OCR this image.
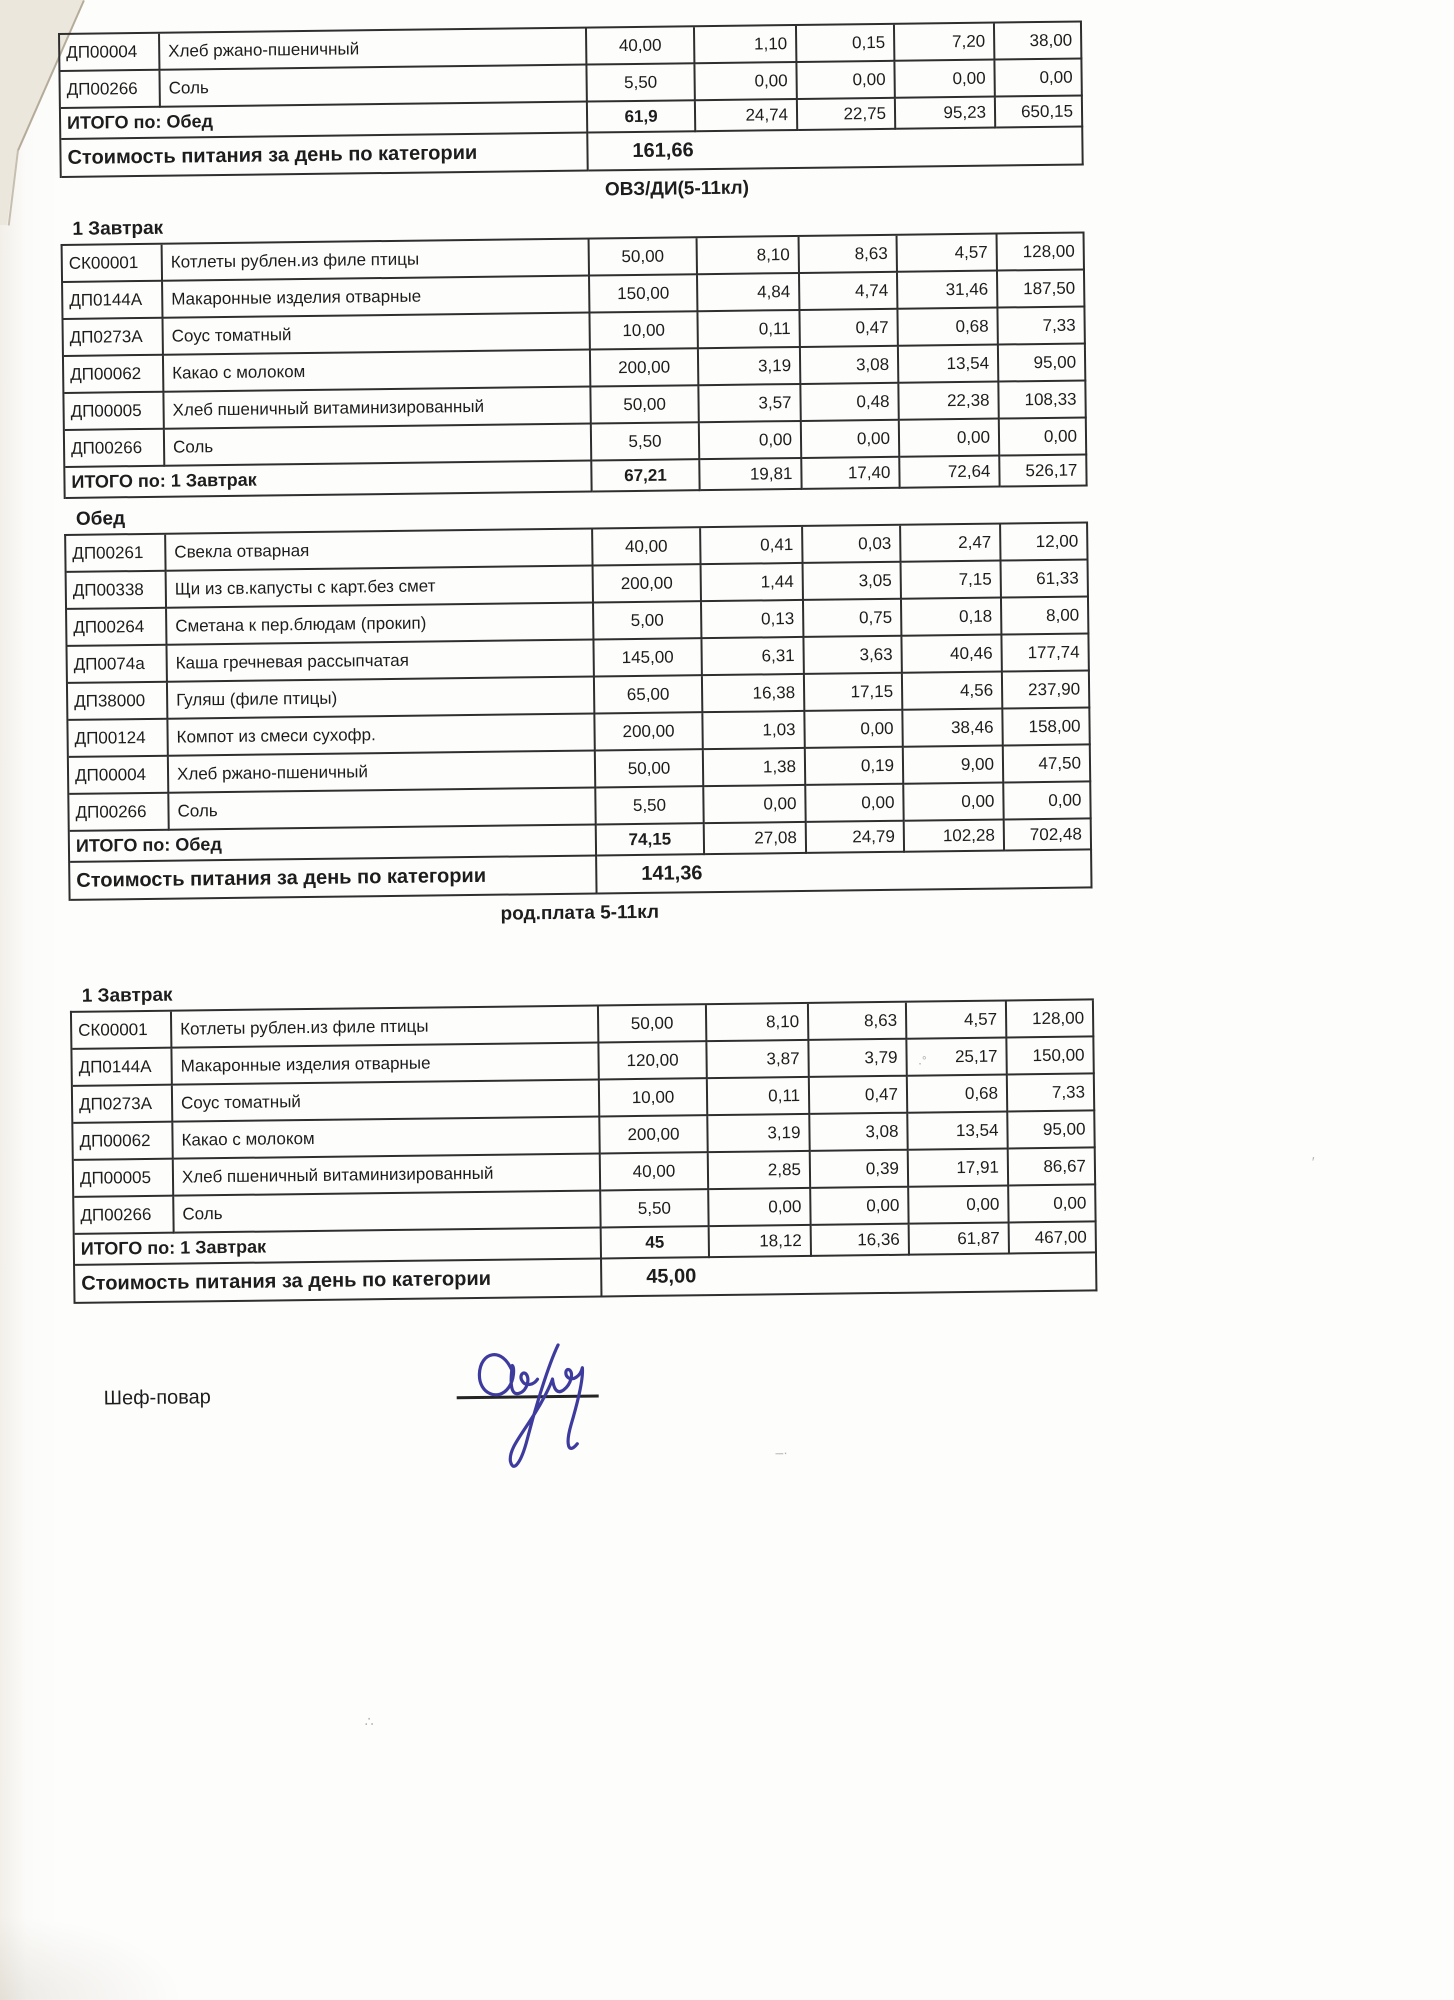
ДП00004	Хлеб ржано-пшеничный	40,00	1,10	0,15	7,20	38,00
ДП00266	Соль	5,50	0,00	0,00	0,00	0,00
ИТОГО по: Обед	61,9	24,74	22,75	95,23	650,15
Стоимость питания за день по категории	161,66
ОВЗ/ДИ(5-11кл)
1 Завтрак
СК00001	Котлеты рублен.из филе птицы	50,00	8,10	8,63	4,57	128,00
ДП0144А	Макаронные изделия отварные	150,00	4,84	4,74	31,46	187,50
ДП0273А	Соус томатный	10,00	0,11	0,47	0,68	7,33
ДП00062	Какао с молоком	200,00	3,19	3,08	13,54	95,00
ДП00005	Хлеб пшеничный витаминизированный	50,00	3,57	0,48	22,38	108,33
ДП00266	Соль	5,50	0,00	0,00	0,00	0,00
ИТОГО по: 1 Завтрак	67,21	19,81	17,40	72,64	526,17
Обед
ДП00261	Свекла отварная	40,00	0,41	0,03	2,47	12,00
ДП00338	Щи из св.капусты с карт.без смет	200,00	1,44	3,05	7,15	61,33
ДП00264	Сметана к пер.блюдам (прокип)	5,00	0,13	0,75	0,18	8,00
ДП0074а	Каша гречневая рассыпчатая	145,00	6,31	3,63	40,46	177,74
ДП38000	Гуляш (филе птицы)	65,00	16,38	17,15	4,56	237,90
ДП00124	Компот из смеси сухофр.	200,00	1,03	0,00	38,46	158,00
ДП00004	Хлеб ржано-пшеничный	50,00	1,38	0,19	9,00	47,50
ДП00266	Соль	5,50	0,00	0,00	0,00	0,00
ИТОГО по: Обед	74,15	27,08	24,79	102,28	702,48
Стоимость питания за день по категории	141,36
род.плата 5-11кл
1 Завтрак
СК00001	Котлеты рублен.из филе птицы	50,00	8,10	8,63	4,57	128,00
ДП0144А	Макаронные изделия отварные	120,00	3,87	3,79	25,17	150,00
ДП0273А	Соус томатный	10,00	0,11	0,47	0,68	7,33
ДП00062	Какао с молоком	200,00	3,19	3,08	13,54	95,00
ДП00005	Хлеб пшеничный витаминизированный	40,00	2,85	0,39	17,91	86,67
ДП00266	Соль	5,50	0,00	0,00	0,00	0,00
ИТОГО по: 1 Завтрак	45	18,12	16,36	61,87	467,00
Стоимость питания за день по категории	45,00
Шеф-повар
·˚
′
–·
∴
